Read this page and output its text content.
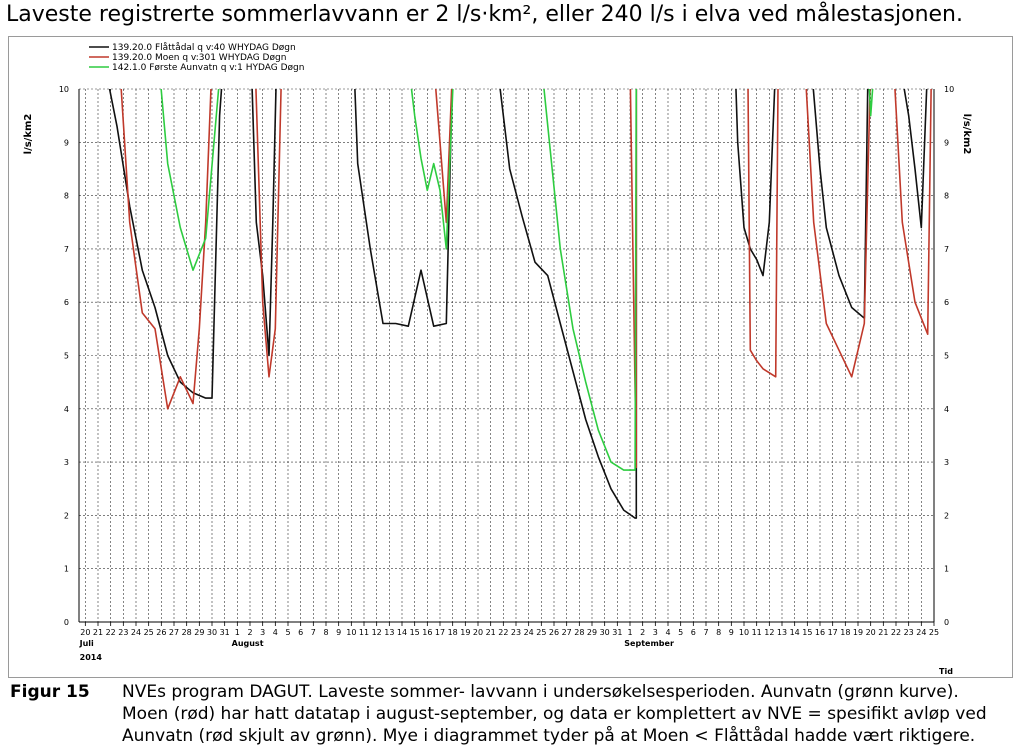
Laveste registrerte sommerlavvann er 2 l/s·km², eller 240 l/s i elva ved målestasjonen.
0	0
1	1
2	2
3	3
4	4
5	5
6	6
7	7
8	8
9	9
10	10
l/s/km2	l/s/km2
20 21 22 23 24 25 26 27 28 29 30 31 1 2 3 4 5 6 7 8 9 10 11 12 13 14 15 16 17 18 19 20 21 22 23 24 25 26 27 28 29 30 31 1 2 3 4 5 6 7 8 9 10 11 12 13 14 15 16 17 18 19 20 21 22 23 24 25
Juli	August	September
2014
Tid
139.20.0 Flåttådal q v:40 WHYDAG Døgn
139.20.0 Moen q v:301 WHYDAG Døgn
142.1.0 Første Aunvatn q v:1 HYDAG Døgn
Figur 15 NVEs program DAGUT. Laveste sommer- lavvann i undersøkelsesperioden. Aunvatn (grønn kurve).
Moen (rød) har hatt datatap i august-september, og data er komplettert av NVE = spesifikt avløp ved
Aunvatn (rød skjult av grønn). Mye i diagrammet tyder på at Moen < Flåttådal hadde vært riktigere.
